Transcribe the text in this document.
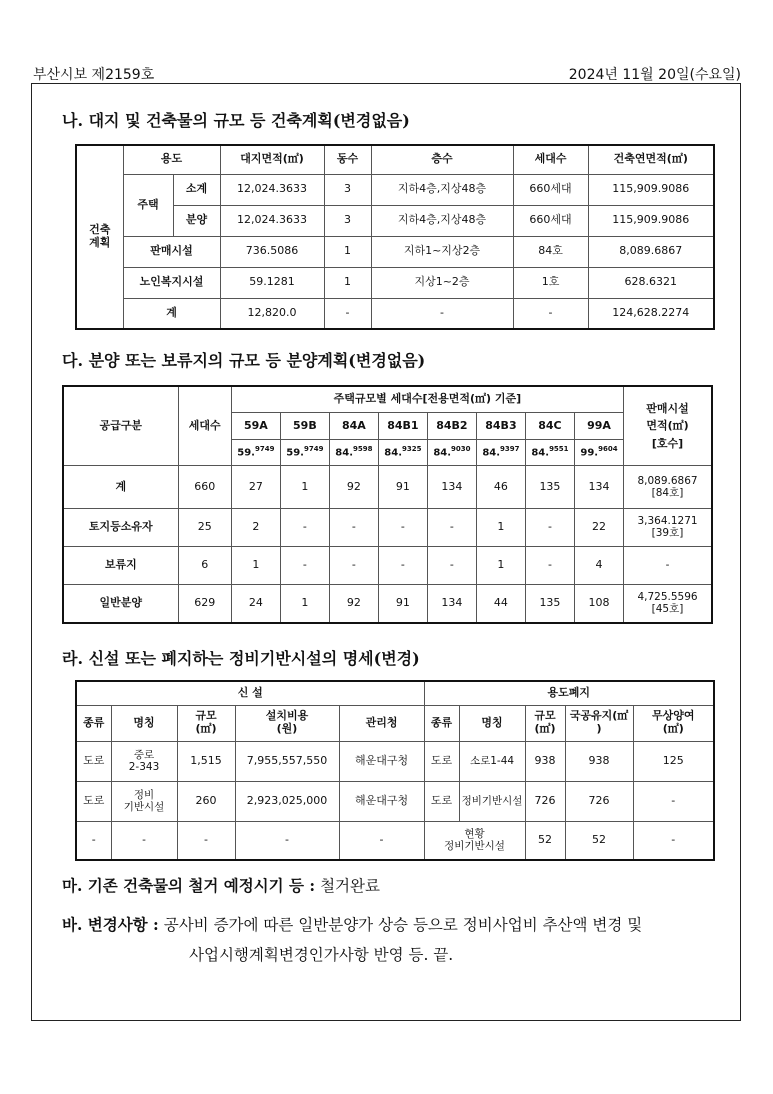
부산시보 제2159호	2024년 11월 20일(수요일)
나. 대지 및 건축물의 규모 등 건축계획(변경없음)
건축
계획	용도		대지면적(㎡)	동수	층수	세대수	건축연면적(㎡)
	주택	소계	12,024.3633	3	지하4층,지상48층	660세대	115,909.9086
		분양	12,024.3633	3	지하4층,지상48층	660세대	115,909.9086
	판매시설		736.5086	1	지하1~지상2층	84호	8,089.6867
	노인복지시설		59.1281	1	지상1~2층	1호	628.6321
	계		12,820.0	-	-	-	124,628.2274
다. 분양 또는 보류지의 규모 등 분양계획(변경없음)
공급구분	세대수	주택규모별 세대수[전용면적(㎡) 기준]								판매시설
면적(㎡)
[호수]
		59A	59B	84A	84B1	84B2	84B3	84C	99A	
		59.$^{9749}$	59.$^{9749}$	84.$^{9598}$	84.$^{9325}$	84.$^{9030}$	84.$^{9397}$	84.$^{9551}$	99.$^{9604}$
계	660	27	1	92	91	134	46	135	134	8,089.6867
[84호]

토지등소유자	25	2	-	-	-	-	1	-	22	3,364.1271
[39호]

보류지	6	1	-	-	-	-	1	-	4	-

일반분양	629	24	1	92	91	134	44	135	108	4,725.5596
[45호]
라. 신설 또는 폐지하는 정비기반시설의 명세(변경)
신 설					용도폐지				
종류	명칭	규모
(㎡)	설치비용
(원)	관리청	종류	명칭	규모
(㎡)	국공유지(㎡
)	무상양여
(㎡)
도로	중로
2-343	1,515	7,955,557,550	해운대구청	도로	소로1-44	938	938	125
도로	정비
기반시설	260	2,923,025,000	해운대구청	도로	정비기반시설	726	726	-
-	-	-	-	-	현황
정비기반시설		52	52	-
마. 기존 건축물의 철거 예정시기 등 : 철거완료
바. 변경사항 : 공사비 증가에 따른 일반분양가 상승 등으로 정비사업비 추산액 변경 및
사업시행계획변경인가사항 반영 등. 끝.
